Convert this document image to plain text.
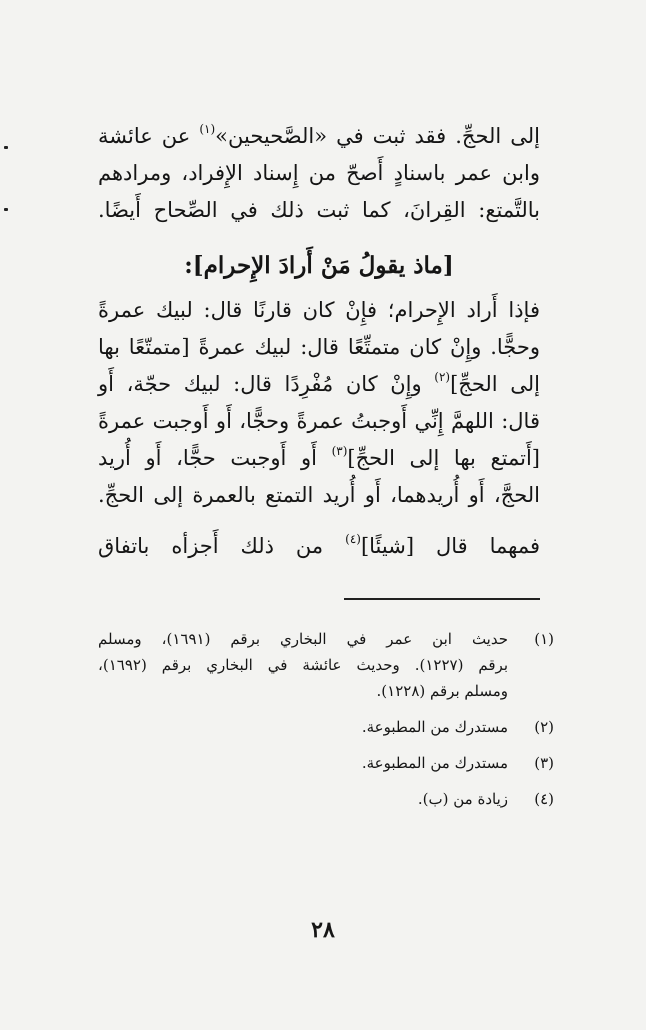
إلى الحجِّ. فقد ثبت في «الصَّحيحين»$^{(١)}$ عن عائشة
وابن عمر باسنادٍ أَصحّ من إِسناد الإِفراد، ومرادهم
بالتَّمتع: القِرانَ، كما ثبت ذلك في الصِّحاح أَيضًا.
[ماذ يقولُ مَنْ أَرادَ الإِحرام]:
فإذا أَراد الإِحرام؛ فإِنْ كان قارنًا قال: لبيك عمرةً
وحجًّا. وإِنْ كان متمتِّعًا قال: لبيك عمرةً [متمتّعًا بها
إلى الحجِّ]$^{(٢)}$ وإِنْ كان مُفْرِدًا قال: لبيك حجّة، أَو
قال: اللهمَّ إِنِّي أَوجبتُ عمرةً وحجًّا، أَو أَوجبت عمرةً
[أَتمتع بها إلى الحجِّ]$^{(٣)}$ أَو أَوجبت حجًّا، أَو أُريد
الحجَّ، أَو أُريدهما، أَو أُريد التمتع بالعمرة إلى الحجِّ.
فمهما قال [شيئًا]$^{(٤)}$ من ذلك أَجزأه باتفاق
(١)
حديث ابن عمر في البخاري برقم (١٦٩١)، ومسلم
برقم (١٢٢٧). وحديث عائشة في البخاري برقم (١٦٩٢)،
ومسلم برقم (١٢٢٨).
(٢)
مستدرك من المطبوعة.
(٣)
مستدرك من المطبوعة.
(٤)
زيادة من (ب).
٢٨
